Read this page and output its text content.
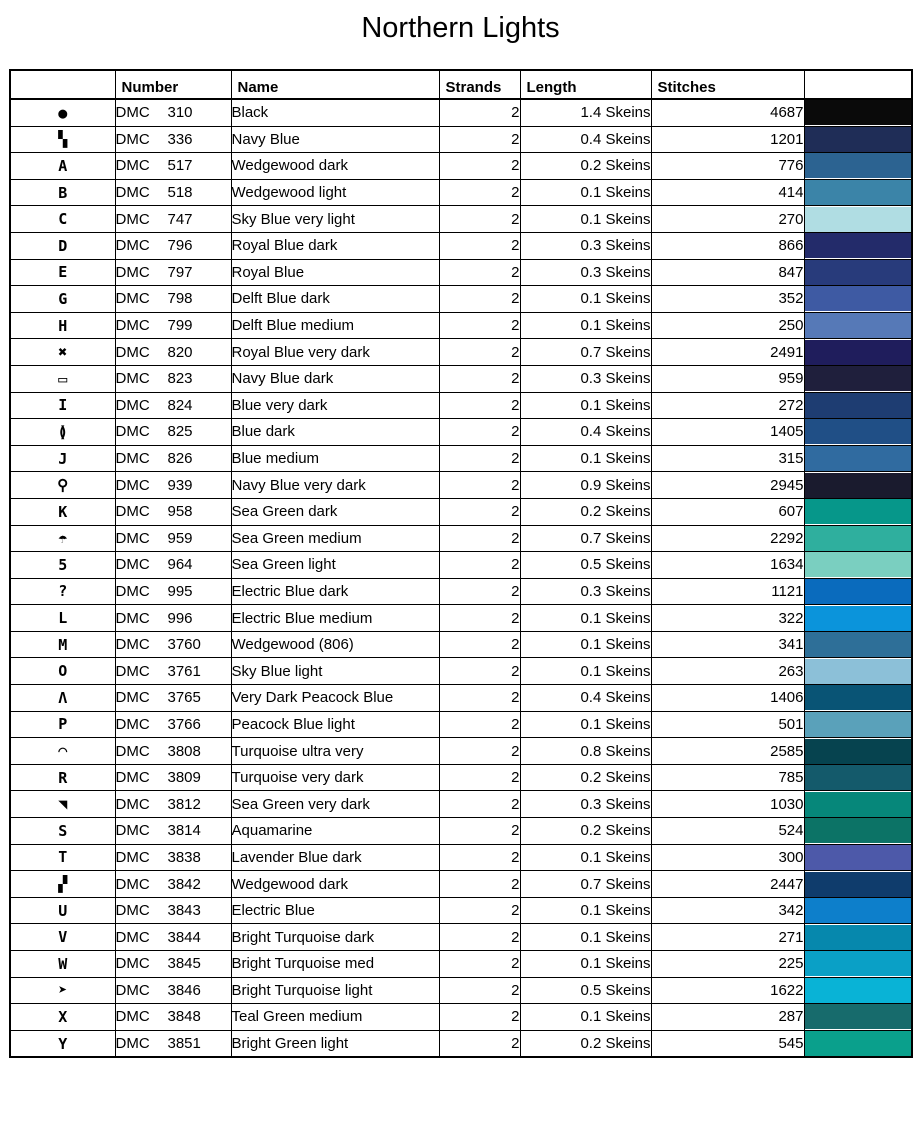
Northern Lights
	Number	Name	Strands	Length	Stitches	
●	DMC 310	Black	2	1.4 Skeins	4687	

▚	DMC 336	Navy Blue	2	0.4 Skeins	1201	

A	DMC 517	Wedgewood dark	2	0.2 Skeins	776	

B	DMC 518	Wedgewood light	2	0.1 Skeins	414	

C	DMC 747	Sky Blue very light	2	0.1 Skeins	270	

D	DMC 796	Royal Blue dark	2	0.3 Skeins	866	

E	DMC 797	Royal Blue	2	0.3 Skeins	847	

G	DMC 798	Delft Blue dark	2	0.1 Skeins	352	

H	DMC 799	Delft Blue medium	2	0.1 Skeins	250	

✖	DMC 820	Royal Blue very dark	2	0.7 Skeins	2491	

▭	DMC 823	Navy Blue dark	2	0.3 Skeins	959	

I	DMC 824	Blue very dark	2	0.1 Skeins	272	

≬	DMC 825	Blue dark	2	0.4 Skeins	1405	

J	DMC 826	Blue medium	2	0.1 Skeins	315	

⚲	DMC 939	Navy Blue very dark	2	0.9 Skeins	2945	

K	DMC 958	Sea Green dark	2	0.2 Skeins	607	

☂	DMC 959	Sea Green medium	2	0.7 Skeins	2292	

5	DMC 964	Sea Green light	2	0.5 Skeins	1634	

?	DMC 995	Electric Blue dark	2	0.3 Skeins	1121	

L	DMC 996	Electric Blue medium	2	0.1 Skeins	322	

M	DMC 3760	Wedgewood (806)	2	0.1 Skeins	341	

O	DMC 3761	Sky Blue light	2	0.1 Skeins	263	

Λ	DMC 3765	Very Dark Peacock Blue	2	0.4 Skeins	1406	

P	DMC 3766	Peacock Blue light	2	0.1 Skeins	501	

◠	DMC 3808	Turquoise ultra very	2	0.8 Skeins	2585	

R	DMC 3809	Turquoise very dark	2	0.2 Skeins	785	

◥	DMC 3812	Sea Green very dark	2	0.3 Skeins	1030	

S	DMC 3814	Aquamarine	2	0.2 Skeins	524	

T	DMC 3838	Lavender Blue dark	2	0.1 Skeins	300	

▞	DMC 3842	Wedgewood dark	2	0.7 Skeins	2447	

U	DMC 3843	Electric Blue	2	0.1 Skeins	342	

V	DMC 3844	Bright Turquoise dark	2	0.1 Skeins	271	

W	DMC 3845	Bright Turquoise med	2	0.1 Skeins	225	

➤	DMC 3846	Bright Turquoise light	2	0.5 Skeins	1622	

X	DMC 3848	Teal Green medium	2	0.1 Skeins	287	

Y	DMC 3851	Bright Green light	2	0.2 Skeins	545	
